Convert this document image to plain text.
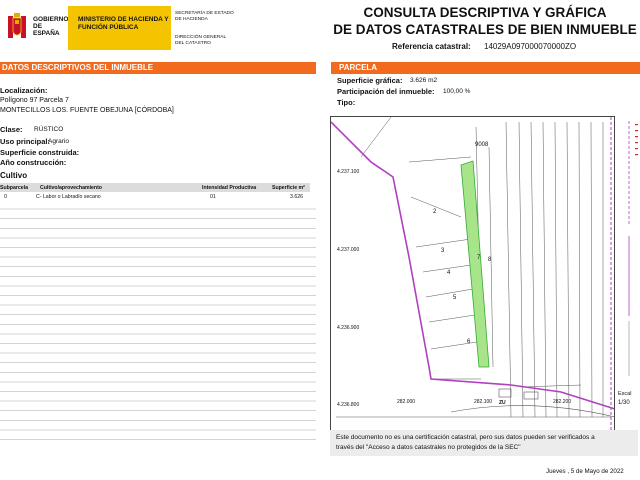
GOBIERNO DE ESPAÑA
MINISTERIO DE HACIENDA Y FUNCIÓN PÚBLICA
SECRETARÍA DE ESTADO DE HACIENDA
DIRECCIÓN GENERAL DEL CATASTRO
CONSULTA DESCRIPTIVA Y GRÁFICA
DE DATOS CATASTRALES DE BIEN INMUEBLE
Referencia catastral: 14029A097000070000ZO
DATOS DESCRIPTIVOS DEL INMUEBLE
Localización:
Polígono 97 Parcela 7
MONTECILLOS LOS. FUENTE OBEJUNA [CÓRDOBA]
Clase: RÚSTICO
Uso principal:
Agrario
Superficie construida:
Año construcción:
Cultivo
Subparcela Cultivo/aprovechamiento	Intensidad Productiva	Superficie m²
0	C- Labor o Labradío secano	01	3.626
PARCELA
Superficie gráfica: 3.626 m2
Participación del inmueble: 100,00 %
Tipo:
9008
2
3
4
5
6
7 8
4.237.100
4.237.000
4.236.900
4.236.800	282.000	282.100	282.200
ZU
Escal
1/30
Este documento no es una certificación catastral, pero sus datos pueden ser verificados a
través del "Acceso a datos catastrales no protegidos de la SEC"
Jueves , 5 de Mayo de 2022
